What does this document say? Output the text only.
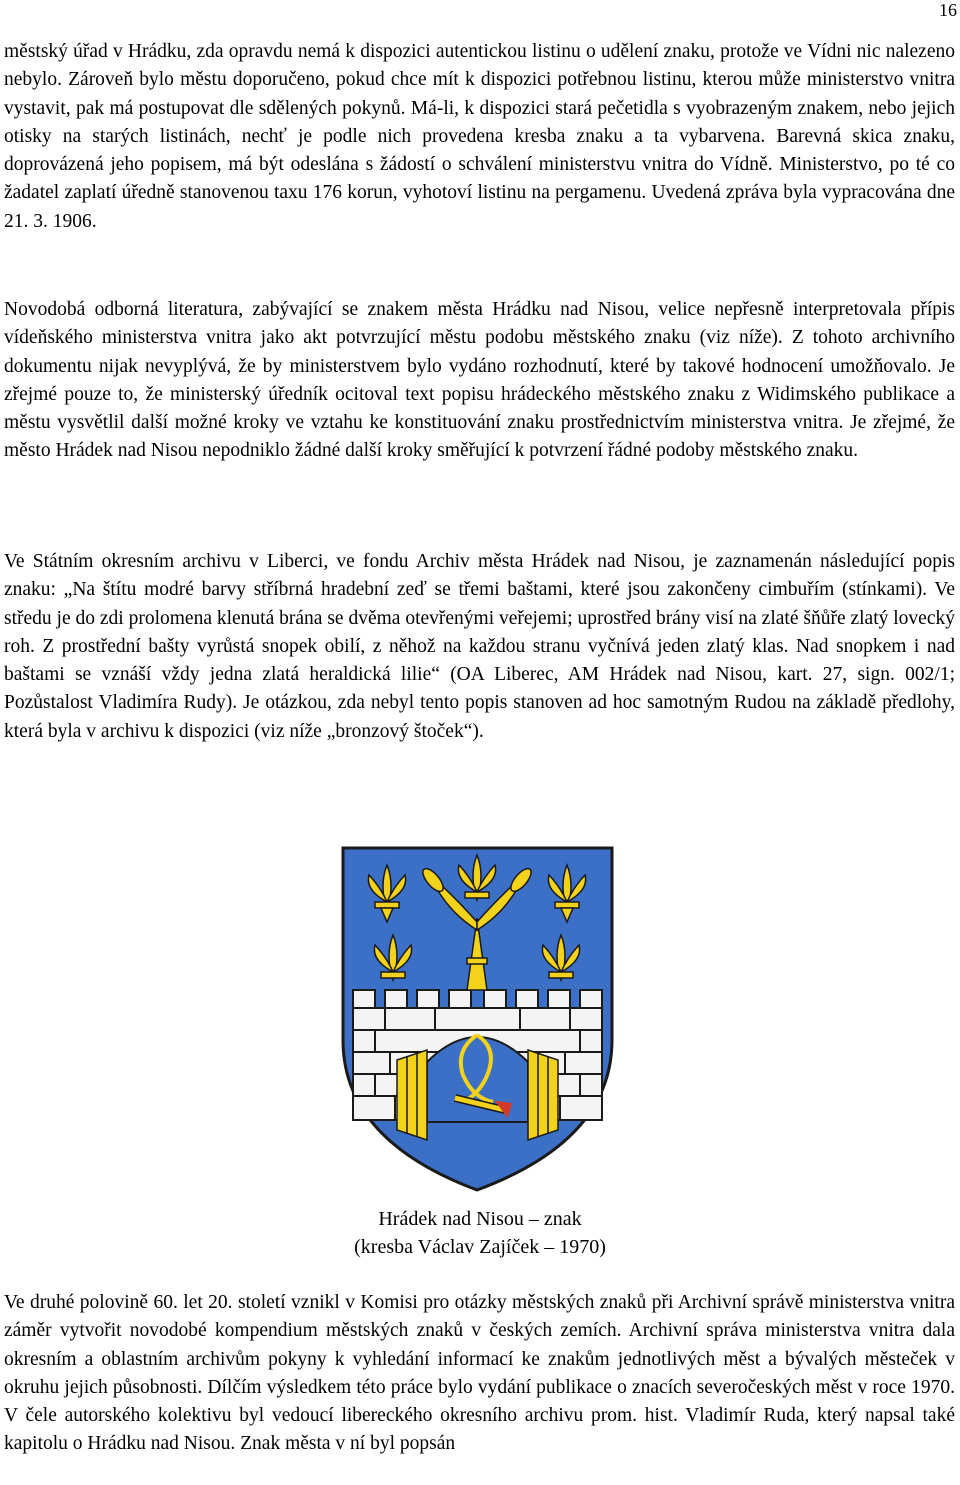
16

městský úřad v Hrádku, zda opravdu nemá k dispozici autentickou listinu o udělení znaku, protože ve Vídni nic nalezeno nebylo. Zároveň bylo městu doporučeno, pokud chce mít k dispozici potřebnou listinu, kterou může ministerstvo vnitra vystavit, pak má postupovat dle sdělených pokynů. Má-li, k dispozici stará pečetidla s vyobrazeným znakem, nebo jejich otisky na starých listinách, nechť je podle nich provedena kresba znaku a ta vybarvena. Barevná skica znaku, doprovázená jeho popisem, má být odeslána s žádostí o schválení ministerstvu vnitra do Vídně. Ministerstvo, po té co žadatel zaplatí úředně stanovenou taxu 176 korun, vyhotoví listinu na pergamenu. Uvedená zpráva byla vypracována dne 21. 3. 1906.

Novodobá odborná literatura, zabývající se znakem města Hrádku nad Nisou, velice nepřesně interpretovala přípis vídeňského ministerstva vnitra jako akt potvrzující městu podobu městského znaku (viz níže). Z tohoto archivního dokumentu nijak nevyplývá, že by ministerstvem bylo vydáno rozhodnutí, které by takové hodnocení umožňovalo. Je zřejmé pouze to, že ministerský úředník ocitoval text popisu hrádeckého městského znaku z Widimského publikace a městu vysvětlil další možné kroky ve vztahu ke konstituování znaku prostřednictvím ministerstva vnitra. Je zřejmé, že město Hrádek nad Nisou nepodniklo žádné další kroky směřující k potvrzení řádné podoby městského znaku.

Ve Státním okresním archivu v Liberci, ve fondu Archiv města Hrádek nad Nisou, je zaznamenán následující popis znaku: „Na štítu modré barvy stříbrná hradební zeď se třemi baštami, které jsou zakončeny cimbuřím (stínkami). Ve středu je do zdi prolomena klenutá brána se dvěma otevřenými veřejemi; uprostřed brány visí na zlaté šňůře zlatý lovecký roh. Z prostřední bašty vyrůstá snopek obilí, z něhož na každou stranu vyčnívá jeden zlatý klas. Nad snopkem i nad baštami se vznáší vždy jedna zlatá heraldická lilie“ (OA Liberec, AM Hrádek nad Nisou, kart. 27, sign. 002/1; Pozůstalost Vladimíra Rudy). Je otázkou, zda nebyl tento popis stanoven ad hoc samotným Rudou na základě předlohy, která byla v archivu k dispozici (viz níže „bronzový štoček“).

Hrádek nad Nisou – znak
(kresba Václav Zajíček – 1970)

Ve druhé polovině 60. let 20. století vznikl v Komisi pro otázky městských znaků při Archivní správě ministerstva vnitra záměr vytvořit novodobé kompendium městských znaků v českých zemích. Archivní správa ministerstva vnitra dala okresním a oblastním archivům pokyny k vyhledání informací ke znakům jednotlivých měst a bývalých městeček v okruhu jejich působnosti. Dílčím výsledkem této práce bylo vydání publikace o znacích severočeských měst v roce 1970. V čele autorského kolektivu byl vedoucí libereckého okresního archivu prom. hist. Vladimír Ruda, který napsal také kapitolu o Hrádku nad Nisou. Znak města v ní byl popsán
